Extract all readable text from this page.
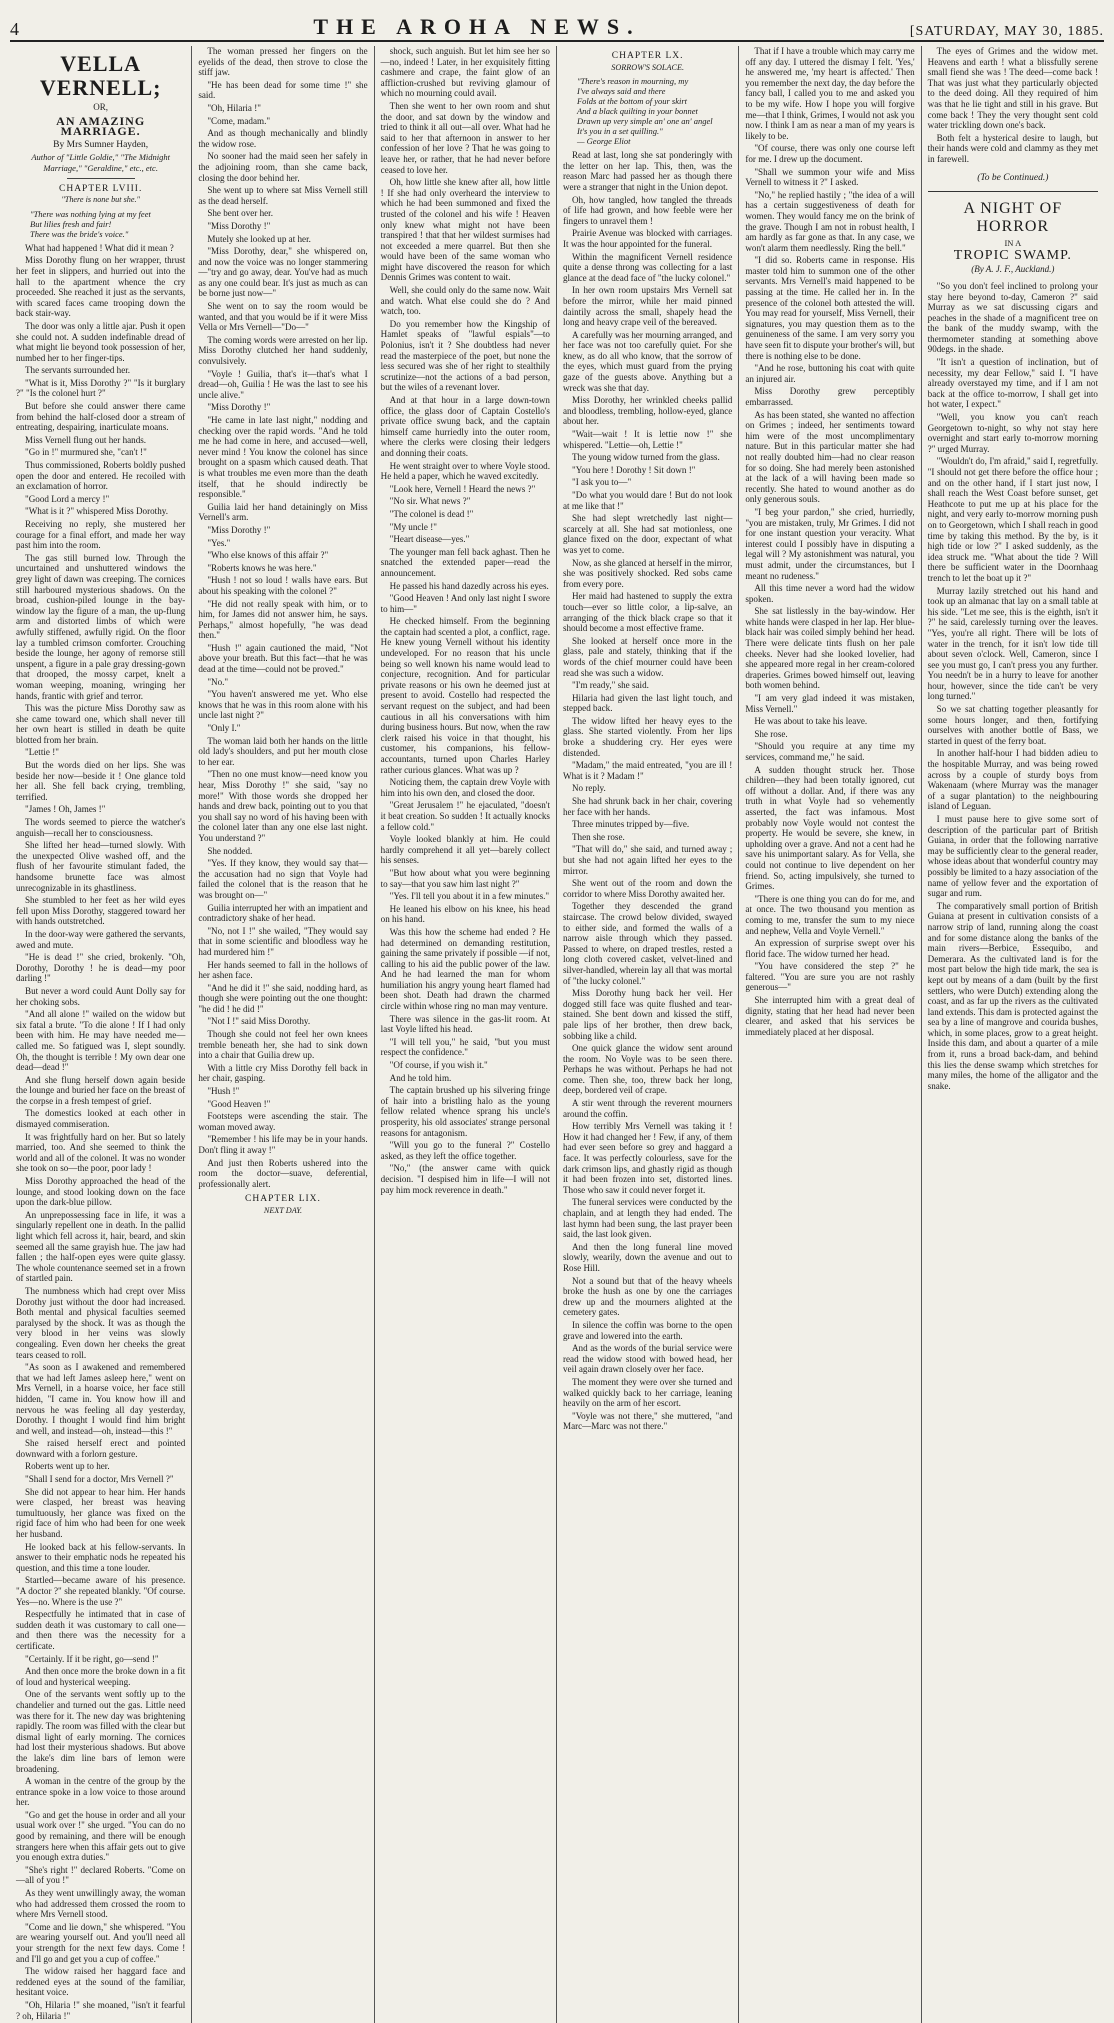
4	THE AROHA NEWS.	[SATURDAY, MAY 30, 1885.
VELLA VERNELL;
OR,
AN AMAZING MARRIAGE.
By Mrs Sumner Hayden,
Author of "Little Goldie," "The Midnight Marriage," "Geraldine," etc., etc.
CHAPTER LVIII.
"There is none but she."
"There was nothing lying at my feet
But lilies fresh and fair!
There was the bride's voice."

What had happened ! What did it mean ?

Miss Dorothy flung on her wrapper, thrust her feet in slippers, and hurried out into the hall to the apartment whence the cry proceeded. She reached it just as the servants, with scared faces came trooping down the back stair-way.

The door was only a little ajar. Push it open she could not. A sudden indefinable dread of what might lie beyond took possession of her, numbed her to her finger-tips.

The servants surrounded her.

"What is it, Miss Dorothy ?" "Is it burglary ?" "Is the colonel hurt ?"

But before she could answer there came from behind the half-closed door a stream of entreating, despairing, inarticulate moans.

Miss Vernell flung out her hands.

"Go in !" murmured she, "can't !"

Thus commissioned, Roberts boldly pushed open the door and entered. He recoiled with an exclamation of horror.

"Good Lord a mercy !"

"What is it ?" whispered Miss Dorothy.

Receiving no reply, she mustered her courage for a final effort, and made her way past him into the room.

The gas still burned low. Through the uncurtained and unshuttered windows the grey light of dawn was creeping. The cornices still harboured mysterious shadows. On the broad, cushion-piled lounge in the bay-window lay the figure of a man, the up-flung arm and distorted limbs of which were awfully stiffened, awfully rigid. On the floor lay a tumbled crimson comforter. Crouching beside the lounge, her agony of remorse still unspent, a figure in a pale gray dressing-gown that drooped, the mossy carpet, knelt a woman weeping, moaning, wringing her hands, frantic with grief and terror.

This was the picture Miss Dorothy saw as she came toward one, which shall never till her own heart is stilled in death be quite blotted from her brain.

"Lettie !"

But the words died on her lips. She was beside her now—beside it ! One glance told her all. She fell back crying, trembling, terrified.

"James ! Oh, James !"

The words seemed to pierce the watcher's anguish—recall her to consciousness.

She lifted her head—turned slowly. With the unexpected Olive washed off, and the flush of her favourite stimulant faded, the handsome brunette face was almost unrecognizable in its ghastliness.

She stumbled to her feet as her wild eyes fell upon Miss Dorothy, staggered toward her with hands outstretched.

In the door-way were gathered the servants, awed and mute.

"He is dead !" she cried, brokenly. "Oh, Dorothy, Dorothy ! he is dead—my poor darling !"

But never a word could Aunt Dolly say for her choking sobs.

"And all alone !" wailed on the widow but six fatal a brute. "To die alone ! If I had only been with him. He may have needed me—called me. So fatigued was I, slept soundly. Oh, the thought is terrible ! My own dear one dead—dead !"

And she flung herself down again beside the lounge and buried her face on the breast of the corpse in a fresh tempest of grief.

The domestics looked at each other in dismayed commiseration.

It was frightfully hard on her. But so lately married, too. And she seemed to think the world and all of the colonel. It was no wonder she took on so—the poor, poor lady !

Miss Dorothy approached the head of the lounge, and stood looking down on the face upon the dark-blue pillow.

An unprepossessing face in life, it was a singularly repellent one in death. In the pallid light which fell across it, hair, beard, and skin seemed all the same grayish hue. The jaw had fallen ; the half-open eyes were quite glassy. The whole countenance seemed set in a frown of startled pain.

The numbness which had crept over Miss Dorothy just without the door had increased. Both mental and physical faculties seemed paralysed by the shock. It was as though the very blood in her veins was slowly congealing. Even down her cheeks the great tears ceased to roll.

"As soon as I awakened and remembered that we had left James asleep here," went on Mrs Vernell, in a hoarse voice, her face still hidden, "I came in. You know how ill and nervous he was feeling all day yesterday, Dorothy. I thought I would find him bright and well, and instead—oh, instead—this !"

She raised herself erect and pointed downward with a forlorn gesture.

Roberts went up to her.

"Shall I send for a doctor, Mrs Vernell ?"

She did not appear to hear him. Her hands were clasped, her breast was heaving tumultuously, her glance was fixed on the rigid face of him who had been for one week her husband.

He looked back at his fellow-servants. In answer to their emphatic nods he repeated his question, and this time a tone louder.

Startled—became aware of his presence. "A doctor ?" she repeated blankly. "Of course. Yes—no. Where is the use ?"

Respectfully he intimated that in case of sudden death it was customary to call one—and then there was the necessity for a certificate.

"Certainly. If it be right, go—send !"

And then once more the broke down in a fit of loud and hysterical weeping.

One of the servants went softly up to the chandelier and turned out the gas. Little need was there for it. The new day was brightening rapidly. The room was filled with the clear but dismal light of early morning. The cornices had lost their mysterious shadows. But above the lake's dim line bars of lemon were broadening.

A woman in the centre of the group by the entrance spoke in a low voice to those around her.

"Go and get the house in order and all your usual work over !" she urged. "You can do no good by remaining, and there will be enough strangers here when this affair gets out to give you enough extra duties."

"She's right !" declared Roberts. "Come on—all of you !"

As they went unwillingly away, the woman who had addressed them crossed the room to where Mrs Vernell stood.

"Come and lie down," she whispered. "You are wearing yourself out. And you'll need all your strength for the next few days. Come ! and I'll go and get you a cup of coffee."

The widow raised her haggard face and reddened eyes at the sound of the familiar, hesitant voice.

"Oh, Hilaria !" she moaned, "isn't it fearful ? oh, Hilaria !"

The woman pressed her fingers on the eyelids of the dead, then strove to close the stiff jaw.

"He has been dead for some time !" she said.

"Oh, Hilaria !"

"Come, madam."

And as though mechanically and blindly the widow rose.

No sooner had the maid seen her safely in the adjoining room, than she came back, closing the door behind her.

She went up to where sat Miss Vernell still as the dead herself.

She bent over her.

"Miss Dorothy !"

Mutely she looked up at her.

"Miss Dorothy, dear," she whispered on, and now the voice was no longer stammering—"try and go away, dear. You've had as much as any one could bear. It's just as much as can be borne just now—"

She went on to say the room would be wanted, and that you would be if it were Miss Vella or Mrs Vernell—"Do—"

The coming words were arrested on her lip. Miss Dorothy clutched her hand suddenly, convulsively.

"Voyle ! Guilia, that's it—that's what I dread—oh, Guilia ! He was the last to see his uncle alive."

"Miss Dorothy !"

"He came in late last night," nodding and checking over the rapid words. "And he told me he had come in here, and accused—well, never mind ! You know the colonel has since brought on a spasm which caused death. That is what troubles me even more than the death itself, that he should indirectly be responsible."

Guilia laid her hand detainingly on Miss Vernell's arm.

"Miss Dorothy !"

"Yes."

"Who else knows of this affair ?"

"Roberts knows he was here."

"Hush ! not so loud ! walls have ears. But about his speaking with the colonel ?"

"He did not really speak with him, or to him, for James did not answer him, he says. Perhaps," almost hopefully, "he was dead then."

"Hush !" again cautioned the maid, "Not above your breath. But this fact—that he was dead at the time—could not be proved."

"No."

"You haven't answered me yet. Who else knows that he was in this room alone with his uncle last night ?"

"Only I."

The woman laid both her hands on the little old lady's shoulders, and put her mouth close to her ear.

"Then no one must know—need know you hear, Miss Dorothy !" she said, "say no more!" With those words she dropped her hands and drew back, pointing out to you that you shall say no word of his having been with the colonel later than any one else last night. You understand ?"

She nodded.

"Yes. If they know, they would say that—the accusation had no sign that Voyle had failed the colonel that is the reason that he was brought on—"

Guilia interrupted her with an impatient and contradictory shake of her head.

"No, not I !" she wailed, "They would say that in some scientific and bloodless way he had murdered him !"

Her hands seemed to fall in the hollows of her ashen face.

"And he did it !" she said, nodding hard, as though she were pointing out the one thought: "he did ! he did !"

"Not I !" said Miss Dorothy.

Though she could not feel her own knees tremble beneath her, she had to sink down into a chair that Guilia drew up.

With a little cry Miss Dorothy fell back in her chair, gasping.

"Hush !"

"Good Heaven !"

Footsteps were ascending the stair. The woman moved away.

"Remember ! his life may be in your hands. Don't fling it away !"

And just then Roberts ushered into the room the doctor—suave, deferential, professionally alert.

CHAPTER LIX.
NEXT DAY.

shock, such anguish. But let him see her so—no, indeed ! Later, in her exquisitely fitting cashmere and crape, the faint glow of an affliction-crushed but reviving glamour of which no mourning could avail.

Then she went to her own room and shut the door, and sat down by the window and tried to think it all out—all over. What had he said to her that afternoon in answer to her confession of her love ? That he was going to leave her, or rather, that he had never before ceased to love her.

Oh, how little she knew after all, how little ! If she had only overheard the interview to which he had been summoned and fixed the trusted of the colonel and his wife ! Heaven only knew what might not have been transpired ! that that her wildest surmises had not exceeded a mere quarrel. But then she would have been of the same woman who might have discovered the reason for which Dennis Grimes was content to wait.

Well, she could only do the same now. Wait and watch. What else could she do ? And watch, too.

Do you remember how the Kingship of Hamlet speaks of "lawful espials"—to Polonius, isn't it ? She doubtless had never read the masterpiece of the poet, but none the less secured was she of her right to stealthily scrutinize—not the actions of a bad person, but the wiles of a revenant lover.

And at that hour in a large down-town office, the glass door of Captain Costello's private office swung back, and the captain himself came hurriedly into the outer room, where the clerks were closing their ledgers and donning their coats.

He went straight over to where Voyle stood. He held a paper, which he waved excitedly.

"Look here, Vernell ! Heard the news ?"

"No sir. What news ?"

"The colonel is dead !"

"My uncle !"

"Heart disease—yes."

The younger man fell back aghast. Then he snatched the extended paper—read the announcement.

He passed his hand dazedly across his eyes.

"Good Heaven ! And only last night I swore to him—"

He checked himself. From the beginning the captain had scented a plot, a conflict, rage. He knew young Vernell without his identity undeveloped. For no reason that his uncle being so well known his name would lead to conjecture, recognition. And for particular private reasons or his own he deemed just at present to avoid. Costello had respected the servant request on the subject, and had been cautious in all his conversations with him during business hours. But now, when the raw clerk raised his voice in that thought, his customer, his companions, his fellow-accountants, turned upon Charles Harley rather curious glances. What was up ?

Noticing them, the captain drew Voyle with him into his own den, and closed the door.

"Great Jerusalem !" he ejaculated, "doesn't it beat creation. So sudden ! It actually knocks a fellow cold."

Voyle looked blankly at him. He could hardly comprehend it all yet—barely collect his senses.

"But how about what you were beginning to say—that you saw him last night ?"

"Yes. I'll tell you about it in a few minutes."

He leaned his elbow on his knee, his head on his hand.

Was this how the scheme had ended ? He had determined on demanding restitution, gaining the same privately if possible —if not, calling to his aid the public power of the law. And he had learned the man for whom humiliation his angry young heart flamed had been shot. Death had drawn the charmed circle within whose ring no man may venture.

There was silence in the gas-lit room. At last Voyle lifted his head.

"I will tell you," he said, "but you must respect the confidence."

"Of course, if you wish it."

And he told him.

The captain brushed up his silvering fringe of hair into a bristling halo as the young fellow related whence sprang his uncle's prosperity, his old associates' strange personal reasons for antagonism.

"Will you go to the funeral ?" Costello asked, as they left the office together.

"No," (the answer came with quick decision. "I despised him in life—I will not pay him mock reverence in death."

CHAPTER LX.
SORROW'S SOLACE.
"There's reason in mourning, my
I've always said and there
Folds at the bottom of your skirt
And a black quilting in your bonnet
Drawn up very simple an' one an' angel
It's you in a set quilling."
— George Eliot

Read at last, long she sat ponderingly with the letter on her lap. This, then, was the reason Marc had passed her as though there were a stranger that night in the Union depot.

Oh, how tangled, how tangled the threads of life had grown, and how feeble were her fingers to unravel them !

Prairie Avenue was blocked with carriages. It was the hour appointed for the funeral.

Within the magnificent Vernell residence quite a dense throng was collecting for a last glance at the dead face of "the lucky colonel."

In her own room upstairs Mrs Vernell sat before the mirror, while her maid pinned daintily across the small, shapely head the long and heavy crape veil of the bereaved.

A carefully was her mourning arranged, and her face was not too carefully quiet. For she knew, as do all who know, that the sorrow of the eyes, which must guard from the prying gaze of the guests above. Anything but a wreck was she that day.

Miss Dorothy, her wrinkled cheeks pallid and bloodless, trembling, hollow-eyed, glance about her.

"Wait—wait ! It is lettie now !" she whispered. "Lettie—oh, Lettie !"

The young widow turned from the glass.

"You here ! Dorothy ! Sit down !"

"I ask you to—"

"Do what you would dare ! But do not look at me like that !"

She had slept wretchedly last night—scarcely at all. She had sat motionless, one glance fixed on the door, expectant of what was yet to come.

Now, as she glanced at herself in the mirror, she was positively shocked. Red sobs came from every pore.

Her maid had hastened to supply the extra touch—ever so little color, a lip-salve, an arranging of the thick black crape so that it should become a most effective frame.

She looked at herself once more in the glass, pale and stately, thinking that if the words of the chief mourner could have been read she was such a widow.

"I'm ready," she said.

Hilaria had given the last light touch, and stepped back.

The widow lifted her heavy eyes to the glass. She started violently. From her lips broke a shuddering cry. Her eyes were distended.

"Madam," the maid entreated, "you are ill ! What is it ? Madam !"

No reply.

She had shrunk back in her chair, covering her face with her hands.

Three minutes tripped by—five.

Then she rose.

"That will do," she said, and turned away ; but she had not again lifted her eyes to the mirror.

She went out of the room and down the corridor to where Miss Dorothy awaited her.

Together they descended the grand staircase. The crowd below divided, swayed to either side, and formed the walls of a narrow aisle through which they passed. Passed to where, on draped trestles, rested a long cloth covered casket, velvet-lined and silver-handled, wherein lay all that was mortal of "the lucky colonel."

Miss Dorothy hung back her veil. Her dogged still face was quite flushed and tear-stained. She bent down and kissed the stiff, pale lips of her brother, then drew back, sobbing like a child.

One quick glance the widow sent around the room. No Voyle was to be seen there. Perhaps he was without. Perhaps he had not come. Then she, too, threw back her long, deep, bordered veil of crape.

A stir went through the reverent mourners around the coffin.

How terribly Mrs Vernell was taking it ! How it had changed her ! Few, if any, of them had ever seen before so grey and haggard a face. It was perfectly colourless, save for the dark crimson lips, and ghastly rigid as though it had been frozen into set, distorted lines. Those who saw it could never forget it.

The funeral services were conducted by the chaplain, and at length they had ended. The last hymn had been sung, the last prayer been said, the last look given.

And then the long funeral line moved slowly, wearily, down the avenue and out to Rose Hill.

Not a sound but that of the heavy wheels broke the hush as one by one the carriages drew up and the mourners alighted at the cemetery gates.

In silence the coffin was borne to the open grave and lowered into the earth.

And as the words of the burial service were read the widow stood with bowed head, her veil again drawn closely over her face.

The moment they were over she turned and walked quickly back to her carriage, leaning heavily on the arm of her escort.

"Voyle was not there," she muttered, "and Marc—Marc was not there."

That if I have a trouble which may carry me off any day. I uttered the dismay I felt. 'Yes,' he answered me, 'my heart is affected.' Then you remember the next day, the day before the fancy ball, I called you to me and asked you to be my wife. How I hope you will forgive me—that I think, Grimes, I would not ask you now. I think I am as near a man of my years is likely to be.

"Of course, there was only one course left for me. I drew up the document.

"Shall we summon your wife and Miss Vernell to witness it ?" I asked.

"No," he replied hastily ; "the idea of a will has a certain suggestiveness of death for women. They would fancy me on the brink of the grave. Though I am not in robust health, I am hardly as far gone as that. In any case, we won't alarm them needlessly. Ring the bell."

"I did so. Roberts came in response. His master told him to summon one of the other servants. Mrs Vernell's maid happened to be passing at the time. He called her in. In the presence of the colonel both attested the will. You may read for yourself, Miss Vernell, their signatures, you may question them as to the genuineness of the same. I am very sorry you have seen fit to dispute your brother's will, but there is nothing else to be done.

"And he rose, buttoning his coat with quite an injured air.

Miss Dorothy grew perceptibly embarrassed.

As has been stated, she wanted no affection on Grimes ; indeed, her sentiments toward him were of the most uncomplimentary nature. But in this particular matter she had not really doubted him—had no clear reason for so doing. She had merely been astonished at the lack of a will having been made so recently. She hated to wound another as do only generous souls.

"I beg your pardon," she cried, hurriedly, "you are mistaken, truly, Mr Grimes. I did not for one instant question your veracity. What interest could I possibly have in disputing a legal will ? My astonishment was natural, you must admit, under the circumstances, but I meant no rudeness."

All this time never a word had the widow spoken.

She sat listlessly in the bay-window. Her white hands were clasped in her lap. Her blue-black hair was coiled simply behind her head. There were delicate tints flush on her pale cheeks. Never had she looked lovelier, had she appeared more regal in her cream-colored draperies. Grimes bowed himself out, leaving both women behind.

"I am very glad indeed it was mistaken, Miss Vernell."

He was about to take his leave.

She rose.

"Should you require at any time my services, command me," he said.

A sudden thought struck her. Those children—they had been totally ignored, cut off without a dollar. And, if there was any truth in what Voyle had so vehemently asserted, the fact was infamous. Most probably now Voyle would not contest the property. He would be severe, she knew, in upholding over a grave. And not a cent had he save his unimportant salary. As for Vella, she could not continue to live dependent on her friend. So, acting impulsively, she turned to Grimes.

"There is one thing you can do for me, and at once. The two thousand you mention as coming to me, transfer the sum to my niece and nephew, Vella and Voyle Vernell."

An expression of surprise swept over his florid face. The widow turned her head.

"You have considered the step ?" he faltered. "You are sure you are not rashly generous—"

She interrupted him with a great deal of dignity, stating that her head had never been clearer, and asked that his services be immediately placed at her disposal.

The eyes of Grimes and the widow met. Heavens and earth ! what a blissfully serene small fiend she was ! The deed—come back ! That was just what they particularly objected to the deed doing. All they required of him was that he lie tight and still in his grave. But come back ! They the very thought sent cold water trickling down one's back.

Both felt a hysterical desire to laugh, but their hands were cold and clammy as they met in farewell.

(To be Continued.)
A NIGHT OF HORROR
IN A
TROPIC SWAMP.
(By A. J. F., Auckland.)

"So you don't feel inclined to prolong your stay here beyond to-day, Cameron ?" said Murray as we sat discussing cigars and peaches in the shade of a magnificent tree on the bank of the muddy swamp, with the thermometer standing at something above 90degs. in the shade.

"It isn't a question of inclination, but of necessity, my dear Fellow," said I. "I have already overstayed my time, and if I am not back at the office to-morrow, I shall get into hot water, I expect."

"Well, you know you can't reach Georgetown to-night, so why not stay here overnight and start early to-morrow morning ?" urged Murray.

"Wouldn't do, I'm afraid," said I, regretfully. "I should not get there before the office hour ; and on the other hand, if I start just now, I shall reach the West Coast before sunset, get Heathcote to put me up at his place for the night, and very early to-morrow morning push on to Georgetown, which I shall reach in good time by taking this method. By the by, is it high tide or low ?" I asked suddenly, as the idea struck me. "What about the tide ? Will there be sufficient water in the Doornhaag trench to let the boat up it ?"

Murray lazily stretched out his hand and took up an almanac that lay on a small table at his side. "Let me see, this is the eighth, isn't it ?" he said, carelessly turning over the leaves. "Yes, you're all right. There will be lots of water in the trench, for it isn't low tide till about seven o'clock. Well, Cameron, since I see you must go, I can't press you any further. You needn't be in a hurry to leave for another hour, however, since the tide can't be very long turned."

So we sat chatting together pleasantly for some hours longer, and then, fortifying ourselves with another bottle of Bass, we started in quest of the ferry boat.

In another half-hour I had bidden adieu to the hospitable Murray, and was being rowed across by a couple of sturdy boys from Wakenaam (where Murray was the manager of a sugar plantation) to the neighbouring island of Leguan.

I must pause here to give some sort of description of the particular part of British Guiana, in order that the following narrative may be sufficiently clear to the general reader, whose ideas about that wonderful country may possibly be limited to a hazy association of the name of yellow fever and the exportation of sugar and rum.

The comparatively small portion of British Guiana at present in cultivation consists of a narrow strip of land, running along the coast and for some distance along the banks of the main rivers—Berbice, Essequibo, and Demerara. As the cultivated land is for the most part below the high tide mark, the sea is kept out by means of a dam (built by the first settlers, who were Dutch) extending along the coast, and as far up the rivers as the cultivated land extends. This dam is protected against the sea by a line of mangrove and courida bushes, which, in some places, grow to a great height. Inside this dam, and about a quarter of a mile from it, runs a broad back-dam, and behind this lies the dense swamp which stretches for many miles, the home of the alligator and the snake.
